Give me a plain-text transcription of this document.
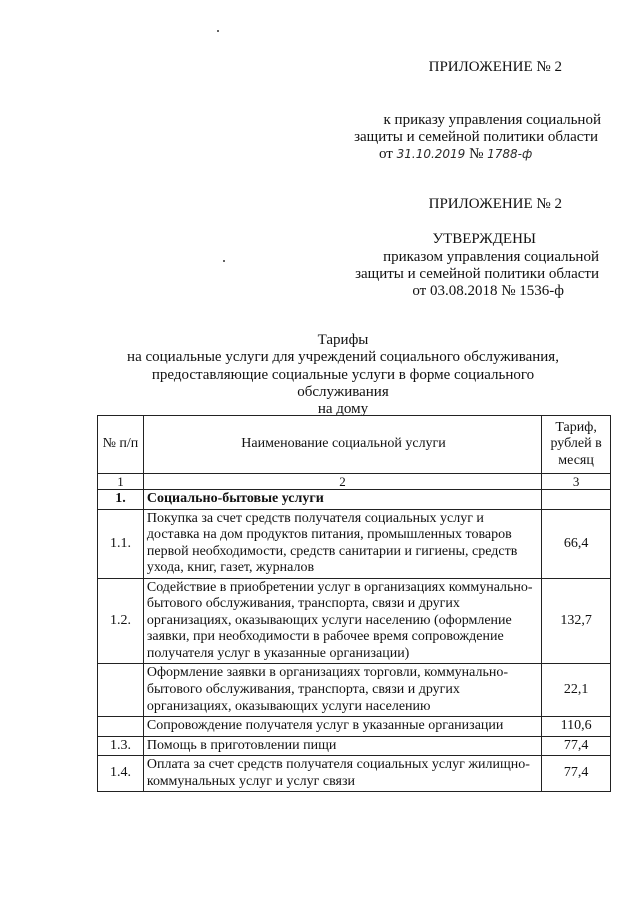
ПРИЛОЖЕНИЕ № 2
к приказу управления социальной
защиты и семейной политики области
от 31.10.2019 № 1788-ф
ПРИЛОЖЕНИЕ № 2
УТВЕРЖДЕНЫ
приказом управления социальной
защиты и семейной политики области
от 03.08.2018 № 1536-ф
Тарифы
на социальные услуги для учреждений социального обслуживания,
предоставляющие социальные услуги в форме социального обслуживания
на дому
№ п/п	Наименование социальной услуги	Тариф, рублей в месяц
1	2	3
1.	Социально-бытовые услуги	
1.1.	Покупка за счет средств получателя социальных услуг и доставка на дом продуктов питания, промышленных товаров первой необходимости, средств санитарии и гигиены, средств ухода, книг, газет, журналов	66,4
1.2.	Содействие в приобретении услуг в организациях коммунально-бытового обслуживания, транспорта, связи и других организациях, оказывающих услуги населению (оформление заявки, при необходимости в рабочее время сопровождение получателя услуг в указанные организации)	132,7
	Оформление заявки в организациях торговли, коммунально-бытового обслуживания, транспорта, связи и других организациях, оказывающих услуги населению	22,1
	Сопровождение получателя услуг в указанные организации	110,6
1.3.	Помощь в приготовлении пищи	77,4
1.4.	Оплата за счет средств получателя социальных услуг жилищно-коммунальных услуг и услуг связи	77,4
